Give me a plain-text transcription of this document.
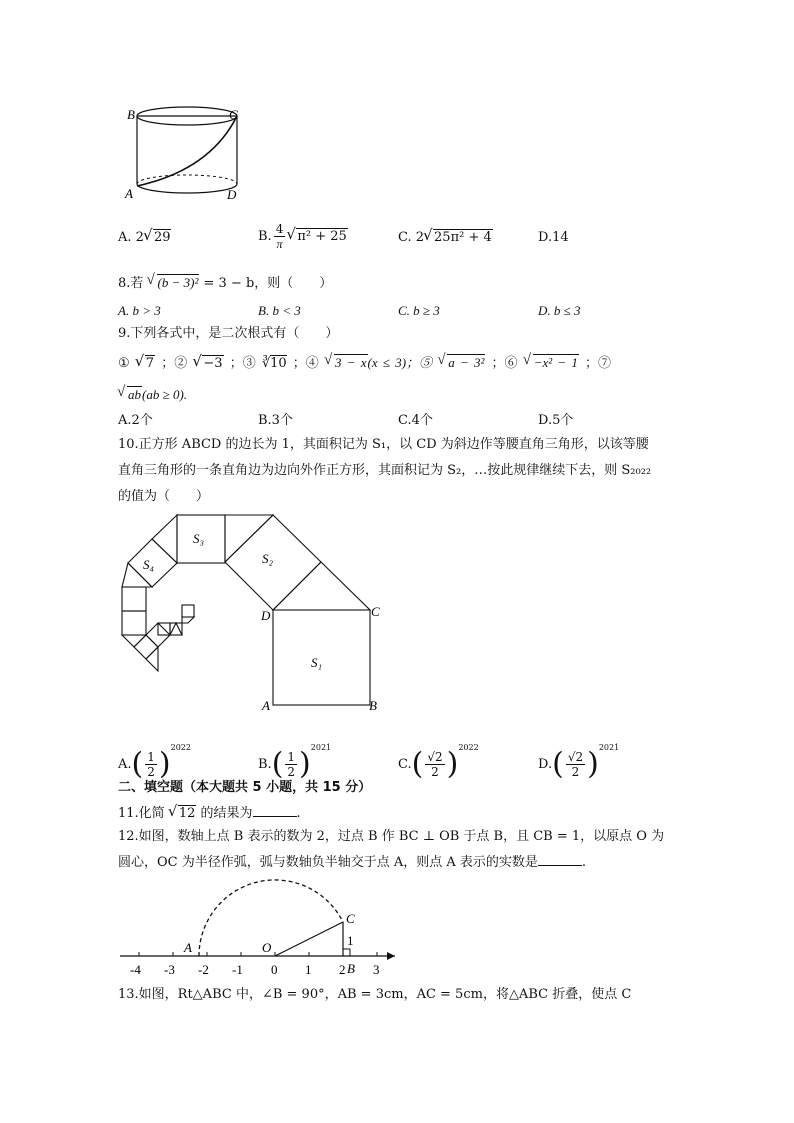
B	C
A	D
A. 2 √ 29	B. $\frac{4}{\pi}$ √ π² + 25	C. 2 √ 25π² + 4	D.14
8.若 √ (b − 3)² = 3 − b，则（　　）
A. b > 3	B. b < 3	C. b ≥ 3	D. b ≤ 3
9.下列各式中，是二次根式有（　　）
① √ 7 ；② √ −3 ；③ ∛10 ；④ √ 3 − x(x ≤ 3)；⑤ √ a − 3² ；⑥ √ −x² − 1 ；⑦
√ ab(ab ≥ 0).
A.2个	B.3个	C.4个	D.5个
10.正方形 ABCD 的边长为 1，其面积记为 S₁，以 CD 为斜边作等腰直角三角形，以该等腰
直角三角形的一条直角边为边向外作正方形，其面积记为 S₂，…按此规律继续下去，则 S₂₀₂₂
的值为（　　）
S₃
S₂
S₄
S₁
D	C
A	B
$A.( \frac{1}{2} )^{2022}$
$B.( \frac{1}{2} )^{2021}$
$C.( \frac{√2}{2} )^{2022}$
$D.( \frac{√2}{2} )^{2021}$
二、填空题（本大题共 5 小题，共 15 分）
11.化简 √ 12 的结果为	.
12.如图，数轴上点 B 表示的数为 2，过点 B 作 BC ⊥ OB 于点 B，且 CB = 1，以原点 O 为
圆心，OC 为半径作弧，弧与数轴负半轴交于点 A，则点 A 表示的实数是	.
A	O
C
1
B
-4 -3 -2 -1 0 1 2 3
13.如图，Rt△ABC 中，∠B = 90°，AB = 3cm，AC = 5cm，将△ABC 折叠，使点 C
